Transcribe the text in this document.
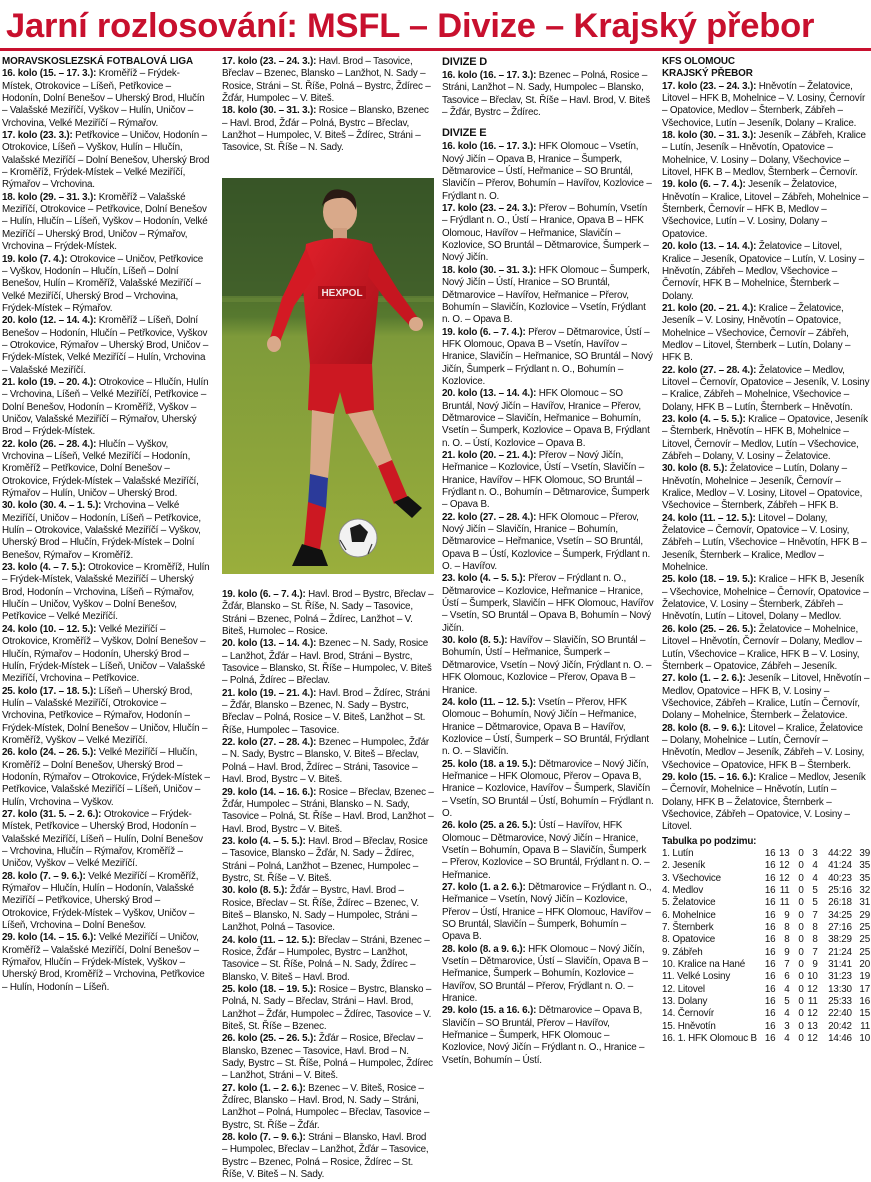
Jarní rozlosování: MSFL – Divize – Krajský přebor
MORAVSKOSLEZSKÁ FOTBALOVÁ LIGA

16. kolo (15. – 17. 3.): Kroměříž – Frýdek-Místek, Otrokovice – Líšeň, Petřkovice – Hodonín, Dolní Benešov – Uherský Brod, Hlučín – Valašské Meziříčí, Vyškov – Hulín, Uničov – Vrchovina, Velké Meziříčí – Rýmařov.

17. kolo (23. 3.): Petřkovice – Uničov, Hodonín – Otrokovice, Líšeň – Vyškov, Hulín – Hlučín, Valašské Meziříčí – Dolní Benešov, Uherský Brod – Kroměříž, Frýdek-Místek – Velké Meziříčí, Rýmařov – Vrchovina.

18. kolo (29. – 31. 3.): Kroměříž – Valašské Meziříčí, Otrokovice – Petřkovice, Dolní Benešov – Hulín, Hlučín – Líšeň, Vyškov – Hodonín, Velké Meziříčí – Uherský Brod, Uničov – Rýmařov, Vrchovina – Frýdek-Místek.

19. kolo (7. 4.): Otrokovice – Uničov, Petřkovice – Vyškov, Hodonín – Hlučín, Líšeň – Dolní Benešov, Hulín – Kroměříž, Valašské Meziříčí – Velké Meziříčí, Uherský Brod – Vrchovina, Frýdek-Místek – Rýmařov.

20. kolo (12. – 14. 4.): Kroměříž – Líšeň, Dolní Benešov – Hodonín, Hlučín – Petřkovice, Vyškov – Otrokovice, Rýmařov – Uherský Brod, Uničov – Frýdek-Místek, Velké Meziříčí – Hulín, Vrchovina – Valašské Meziříčí.

21. kolo (19. – 20. 4.): Otrokovice – Hlučín, Hulín – Vrchovina, Líšeň – Velké Meziříčí, Petřkovice – Dolní Benešov, Hodonín – Kroměříž, Vyškov – Uničov, Valašské Meziříčí – Rýmařov, Uherský Brod – Frýdek-Místek.

22. kolo (26. – 28. 4.): Hlučín – Vyškov, Vrchovina – Líšeň, Velké Meziříčí – Hodonín, Kroměříž – Petřkovice, Dolní Benešov – Otrokovice, Frýdek-Místek – Valašské Meziříčí, Rýmařov – Hulín, Uničov – Uherský Brod.

30. kolo (30. 4. – 1. 5.): Vrchovina – Velké Meziříčí, Uničov – Hodonín, Líšeň – Petřkovice, Hulín – Otrokovice, Valašské Meziříčí – Vyškov, Uherský Brod – Hlučín, Frýdek-Místek – Dolní Benešov, Rýmařov – Kroměříž.

23. kolo (4. – 7. 5.): Otrokovice – Kroměříž, Hulín – Frýdek-Místek, Valašské Meziříčí – Uherský Brod, Hodonín – Vrchovina, Líšeň – Rýmařov, Hlučín – Uničov, Vyškov – Dolní Benešov, Petřkovice – Velké Meziříčí.

24. kolo (10. – 12. 5.): Velké Meziříčí – Otrokovice, Kroměříž – Vyškov, Dolní Benešov – Hlučín, Rýmařov – Hodonín, Uherský Brod – Hulín, Frýdek-Místek – Líšeň, Uničov – Valašské Meziříčí, Vrchovina – Petřkovice.

25. kolo (17. – 18. 5.): Líšeň – Uherský Brod, Hulín – Valašské Meziříčí, Otrokovice – Vrchovina, Petřkovice – Rýmařov, Hodonín – Frýdek-Místek, Dolní Benešov – Uničov, Hlučín – Kroměříž, Vyškov – Velké Meziříčí.

26. kolo (24. – 26. 5.): Velké Meziříčí – Hlučín, Kroměříž – Dolní Benešov, Uherský Brod – Hodonín, Rýmařov – Otrokovice, Frýdek-Místek – Petřkovice, Valašské Meziříčí – Líšeň, Uničov – Hulín, Vrchovina – Vyškov.

27. kolo (31. 5. – 2. 6.): Otrokovice – Frýdek-Místek, Petřkovice – Uherský Brod, Hodonín – Valašské Meziříčí, Líšeň – Hulín, Dolní Benešov – Vrchovina, Hlučín – Rýmařov, Kroměříž – Uničov, Vyškov – Velké Meziříčí.

28. kolo (7. – 9. 6.): Velké Meziříčí – Kroměříž, Rýmařov – Hlučín, Hulín – Hodonín, Valašské Meziříčí – Petřkovice, Uherský Brod – Otrokovice, Frýdek-Místek – Vyškov, Uničov – Líšeň, Vrchovina – Dolní Benešov.

29. kolo (14. – 15. 6.): Velké Meziříčí – Uničov, Kroměříž – Valašské Meziříčí, Dolní Benešov – Rýmařov, Hlučín – Frýdek-Místek, Vyškov – Uherský Brod, Kroměříž – Vrchovina, Petřkovice – Hulín, Hodonín – Líšeň.

17. kolo (23. – 24. 3.): Havl. Brod – Tasovice, Břeclav – Bzenec, Blansko – Lanžhot, N. Sady – Rosice, Stráni – St. Říše, Polná – Bystrc, Ždírec – Žďár, Humpolec – V. Biteš.

18. kolo (30. – 31. 3.): Rosice – Blansko, Bzenec – Havl. Brod, Žďár – Polná, Bystrc – Břeclav, Lanžhot – Humpolec, V. Biteš – Ždírec, Stráni – Tasovice, St. Říše – N. Sady.

HEXPOL

19. kolo (6. – 7. 4.): Havl. Brod – Bystrc, Břeclav – Žďár, Blansko – St. Říše, N. Sady – Tasovice, Stráni – Bzenec, Polná – Ždírec, Lanžhot – V. Biteš, Humolec – Rosice.

20. kolo (13. – 14. 4.): Bzenec – N. Sady, Rosice – Lanžhot, Žďár – Havl. Brod, Stráni – Bystrc, Tasovice – Blansko, St. Říše – Humpolec, V. Biteš – Polná, Ždírec – Břeclav.

21. kolo (19. – 21. 4.): Havl. Brod – Ždírec, Stráni – Žďár, Blansko – Bzenec, N. Sady – Bystrc, Břeclav – Polná, Rosice – V. Biteš, Lanžhot – St. Říše, Humpolec – Tasovice.

22. kolo (27. – 28. 4.): Bzenec – Humpolec, Žďár – N. Sady, Bystrc – Blansko, V. Biteš – Břeclav, Polná – Havl. Brod, Ždírec – Stráni, Tasovice – Havl. Brod, Bystrc – V. Biteš.

29. kolo (14. – 16. 6.): Rosice – Břeclav, Bzenec – Žďár, Humpolec – Stráni, Blansko – N. Sady, Tasovice – Polná, St. Říše – Havl. Brod, Lanžhot – Havl. Brod, Bystrc – V. Biteš.

23. kolo (4. – 5. 5.): Havl. Brod – Břeclav, Rosice – Tasovice, Blansko – Žďár, N. Sady – Ždírec, Stráni – Polná, Lanžhot – Bzenec, Humpolec – Bystrc, St. Říše – V. Biteš.

30. kolo (8. 5.): Žďár – Bystrc, Havl. Brod – Rosice, Břeclav – St. Říše, Ždírec – Bzenec, V. Biteš – Blansko, N. Sady – Humpolec, Stráni – Lanžhot, Polná – Tasovice.

24. kolo (11. – 12. 5.): Břeclav – Stráni, Bzenec – Rosice, Žďár – Humpolec, Bystrc – Lanžhot, Tasovice – St. Říše, Polná – N. Sady, Ždírec – Blansko, V. Biteš – Havl. Brod.

25. kolo (18. – 19. 5.): Rosice – Bystrc, Blansko – Polná, N. Sady – Břeclav, Stráni – Havl. Brod, Lanžhot – Žďár, Humpolec – Ždírec, Tasovice – V. Biteš, St. Říše – Bzenec.

26. kolo (25. – 26. 5.): Žďár – Rosice, Břeclav – Blansko, Bzenec – Tasovice, Havl. Brod – N. Sady, Bystrc – St. Říše, Polná – Humpolec, Ždírec – Lanžhot, Stráni – V. Biteš.

27. kolo (1. – 2. 6.): Bzenec – V. Biteš, Rosice – Ždírec, Blansko – Havl. Brod, N. Sady – Stráni, Lanžhot – Polná, Humpolec – Břeclav, Tasovice – Bystrc, St. Říše – Žďár.

28. kolo (7. – 9. 6.): Stráni – Blansko, Havl. Brod – Humpolec, Břeclav – Lanžhot, Žďár – Tasovice, Bystrc – Bzenec, Polná – Rosice, Ždírec – St. Říše, V. Biteš – N. Sady.

DIVIZE D

16. kolo (16. – 17. 3.): Bzenec – Polná, Rosice – Stráni, Lanžhot – N. Sady, Humpolec – Blansko, Tasovice – Břeclav, St. Říše – Havl. Brod, V. Biteš – Žďár, Bystrc – Ždírec.

DIVIZE E

16. kolo (16. – 17. 3.): HFK Olomouc – Vsetín, Nový Jičín – Opava B, Hranice – Šumperk, Dětmarovice – Ústí, Heřmanice – SO Bruntál, Slavičín – Přerov, Bohumín – Havířov, Kozlovice – Frýdlant n. O.

17. kolo (23. – 24. 3.): Přerov – Bohumín, Vsetín – Frýdlant n. O., Ústí – Hranice, Opava B – HFK Olomouc, Havířov – Heřmanice, Slavičín – Kozlovice, SO Bruntál – Dětmarovice, Šumperk – Nový Jičín.

18. kolo (30. – 31. 3.): HFK Olomouc – Šumperk, Nový Jičín – Ústí, Hranice – SO Bruntál, Dětmarovice – Havířov, Heřmanice – Přerov, Bohumín – Slavičín, Kozlovice – Vsetín, Frýdlant n. O. – Opava B.

19. kolo (6. – 7. 4.): Přerov – Dětmarovice, Ústí – HFK Olomouc, Opava B – Vsetín, Havířov – Hranice, Slavičín – Heřmanice, SO Bruntál – Nový Jičín, Šumperk – Frýdlant n. O., Bohumín – Kozlovice.

20. kolo (13. – 14. 4.): HFK Olomouc – SO Bruntál, Nový Jičín – Havířov, Hranice – Přerov, Dětmarovice – Slavičín, Heřmanice – Bohumín, Vsetín – Šumperk, Kozlovice – Opava B, Frýdlant n. O. – Ústí, Kozlovice – Opava B.

21. kolo (20. – 21. 4.): Přerov – Nový Jičín, Heřmanice – Kozlovice, Ústí – Vsetín, Slavičín – Hranice, Havířov – HFK Olomouc, SO Bruntál – Frýdlant n. O., Bohumín – Dětmarovice, Šumperk – Opava B.

22. kolo (27. – 28. 4.): HFK Olomouc – Přerov, Nový Jičín – Slavičín, Hranice – Bohumín, Dětmarovice – Heřmanice, Vsetín – SO Bruntál, Opava B – Ústí, Kozlovice – Šumperk, Frýdlant n. O. – Havířov.

23. kolo (4. – 5. 5.): Přerov – Frýdlant n. O., Dětmarovice – Kozlovice, Heřmanice – Hranice, Ústí – Šumperk, Slavičín – HFK Olomouc, Havířov – Vsetín, SO Bruntál – Opava B, Bohumín – Nový Jičín.

30. kolo (8. 5.): Havířov – Slavičín, SO Bruntál – Bohumín, Ústí – Heřmanice, Šumperk – Dětmarovice, Vsetín – Nový Jičín, Frýdlant n. O. – HFK Olomouc, Kozlovice – Přerov, Opava B – Hranice.

24. kolo (11. – 12. 5.): Vsetín – Přerov, HFK Olomouc – Bohumín, Nový Jičín – Heřmanice, Hranice – Dětmarovice, Opava B – Havířov, Kozlovice – Ústí, Šumperk – SO Bruntál, Frýdlant n. O. – Slavičín.

25. kolo (18. a 19. 5.): Dětmarovice – Nový Jičín, Heřmanice – HFK Olomouc, Přerov – Opava B, Hranice – Kozlovice, Havířov – Šumperk, Slavičín – Vsetín, SO Bruntál – Ústí, Bohumín – Frýdlant n. O.

26. kolo (25. a 26. 5.): Ústí – Havířov, HFK Olomouc – Dětmarovice, Nový Jičín – Hranice, Vsetín – Bohumín, Opava B – Slavičín, Šumperk – Přerov, Kozlovice – SO Bruntál, Frýdlant n. O. – Heřmanice.

27. kolo (1. a 2. 6.): Dětmarovice – Frýdlant n. O., Heřmanice – Vsetín, Nový Jičín – Kozlovice, Přerov – Ústí, Hranice – HFK Olomouc, Havířov – SO Bruntál, Slavičín – Šumperk, Bohumín – Opava B.

28. kolo (8. a 9. 6.): HFK Olomouc – Nový Jičín, Vsetín – Dětmarovice, Ústí – Slavičín, Opava B – Heřmanice, Šumperk – Bohumín, Kozlovice – Havířov, SO Bruntál – Přerov, Frýdlant n. O. – Hranice.

29. kolo (15. a 16. 6.): Dětmarovice – Opava B, Slavičín – SO Bruntál, Přerov – Havířov, Heřmanice – Šumperk, HFK Olomouc – Kozlovice, Nový Jičín – Frýdlant n. O., Hranice – Vsetín, Bohumín – Ústí.

KFS OLOMOUC
KRAJSKÝ PŘEBOR

17. kolo (23. – 24. 3.): Hněvotín – Želatovice, Litovel – HFK B, Mohelnice – V. Losiny, Černovír – Opatovice, Medlov – Šternberk, Zábřeh – Všechovice, Lutín – Jeseník, Dolany – Kralice.

18. kolo (30. – 31. 3.): Jeseník – Zábřeh, Kralice – Lutín, Jeseník – Hněvotín, Opatovice – Mohelnice, V. Losiny – Dolany, Všechovice – Litovel, HFK B – Medlov, Šternberk – Černovír.

19. kolo (6. – 7. 4.): Jeseník – Želatovice, Hněvotín – Kralice, Litovel – Zábřeh, Mohelnice – Šternberk, Černovír – HFK B, Medlov – Všechovice, Lutín – V. Losiny, Dolany – Opatovice.

20. kolo (13. – 14. 4.): Želatovice – Litovel, Kralice – Jeseník, Opatovice – Lutín, V. Losiny – Hněvotín, Zábřeh – Medlov, Všechovice – Černovír, HFK B – Mohelnice, Šternberk – Dolany.

21. kolo (20. – 21. 4.): Kralice – Želatovice, Jeseník – V. Losiny, Hněvotín – Opatovice, Mohelnice – Všechovice, Černovír – Zábřeh, Medlov – Litovel, Šternberk – Lutín, Dolany – HFK B.

22. kolo (27. – 28. 4.): Želatovice – Medlov, Litovel – Černovír, Opatovice – Jeseník, V. Losiny – Kralice, Zábřeh – Mohelnice, Všechovice – Dolany, HFK B – Lutín, Šternberk – Hněvotín.

23. kolo (4. – 5. 5.): Kralice – Opatovice, Jeseník – Šternberk, Hněvotín – HFK B, Mohelnice – Litovel, Černovír – Medlov, Lutín – Všechovice, Zábřeh – Dolany, V. Losiny – Želatovice.

30. kolo (8. 5.): Želatovice – Lutín, Dolany – Hněvotín, Mohelnice – Jeseník, Černovír – Kralice, Medlov – V. Losiny, Litovel – Opatovice, Všechovice – Šternberk, Zábřeh – HFK B.

24. kolo (11. – 12. 5.): Litovel – Dolany, Želatovice – Černovír, Opatovice – V. Losiny, Zábřeh – Lutín, Všechovice – Hněvotín, HFK B – Jeseník, Šternberk – Kralice, Medlov – Mohelnice.

25. kolo (18. – 19. 5.): Kralice – HFK B, Jeseník – Všechovice, Mohelnice – Černovír, Opatovice – Želatovice, V. Losiny – Šternberk, Zábřeh – Hněvotín, Lutín – Litovel, Dolany – Medlov.

26. kolo (25. – 26. 5.): Želatovice – Mohelnice, Litovel – Hněvotín, Černovír – Dolany, Medlov – Lutín, Všechovice – Kralice, HFK B – V. Losiny, Šternberk – Opatovice, Zábřeh – Jeseník.

27. kolo (1. – 2. 6.): Jeseník – Litovel, Hněvotín – Medlov, Opatovice – HFK B, V. Losiny – Všechovice, Zábřeh – Kralice, Lutín – Černovír, Dolany – Mohelnice, Šternberk – Želatovice.

28. kolo (8. – 9. 6.): Litovel – Kralice, Želatovice – Dolany, Mohelnice – Lutín, Černovír – Hněvotín, Medlov – Jeseník, Zábřeh – V. Losiny, Všechovice – Opatovice, HFK B – Šternberk.

29. kolo (15. – 16. 6.): Kralice – Medlov, Jeseník – Černovír, Mohelnice – Hněvotín, Lutín – Dolany, HFK B – Želatovice, Šternberk – Všechovice, Zábřeh – Opatovice, V. Losiny – Litovel.

Tabulka po podzimu:
1. Lutín	16	13	0	3	44:22	39
2. Jeseník	16	12	0	4	41:24	35
3. Všechovice	16	12	0	4	40:23	35
4. Medlov	16	11	0	5	25:16	32
5. Želatovice	16	11	0	5	26:18	31
6. Mohelnice	16	9	0	7	34:25	29
7. Šternberk	16	8	0	8	27:16	25
8. Opatovice	16	8	0	8	38:29	25
9. Zábřeh	16	9	0	7	21:24	25
10. Kralice na Hané	16	7	0	9	31:41	20
11. Velké Losiny	16	6	0	10	31:23	19
12. Litovel	16	4	0	12	13:30	17
13. Dolany	16	5	0	11	25:33	16
14. Černovír	16	4	0	12	22:40	15
15. Hněvotín	16	3	0	13	20:42	11
16. 1. HFK Olomouc B	16	4	0	12	14:46	10
